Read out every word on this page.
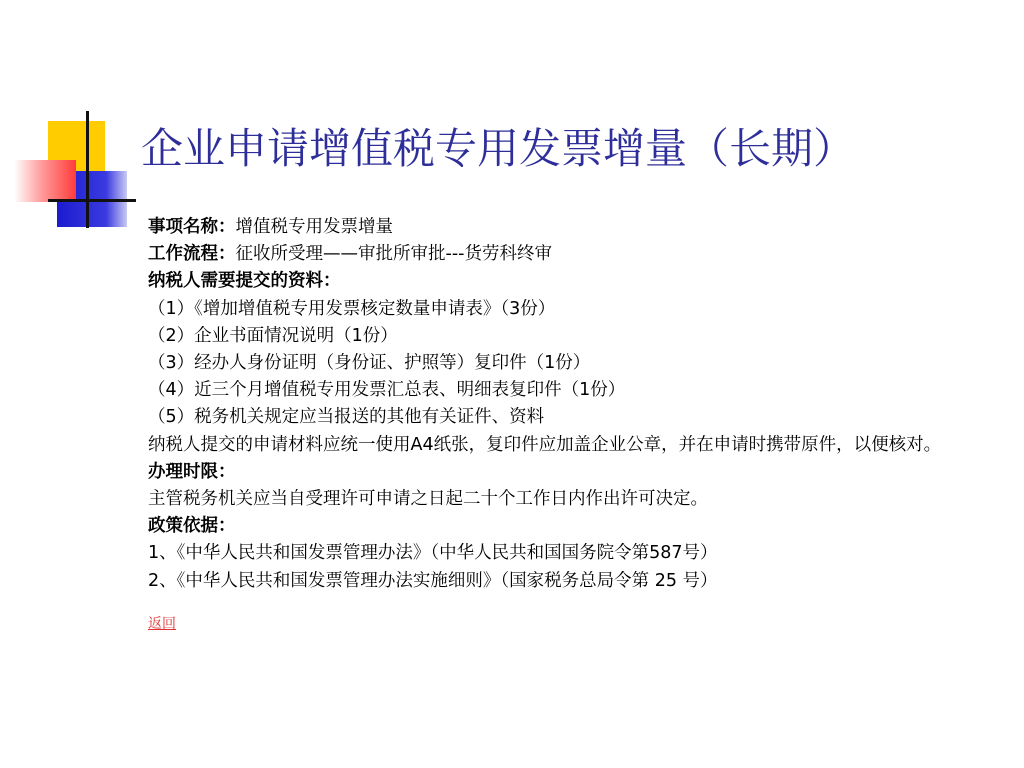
企业申请增值税专用发票增量（长期）
事项名称：增值税专用发票增量
工作流程：征收所受理——审批所审批---货劳科终审
纳税人需要提交的资料：
（1）《增加增值税专用发票核定数量申请表》（3份）
（2）企业书面情况说明（1份）
（3）经办人身份证明（身份证、护照等）复印件（1份）
（4）近三个月增值税专用发票汇总表、明细表复印件（1份）
（5）税务机关规定应当报送的其他有关证件、资料
纳税人提交的申请材料应统一使用A4纸张，复印件应加盖企业公章，并在申请时携带原件，以便核对。
办理时限：
主管税务机关应当自受理许可申请之日起二十个工作日内作出许可决定。
政策依据：
1、《中华人民共和国发票管理办法》（中华人民共和国国务院令第587号）
2、《中华人民共和国发票管理办法实施细则》（国家税务总局令第 25 号）
返回
